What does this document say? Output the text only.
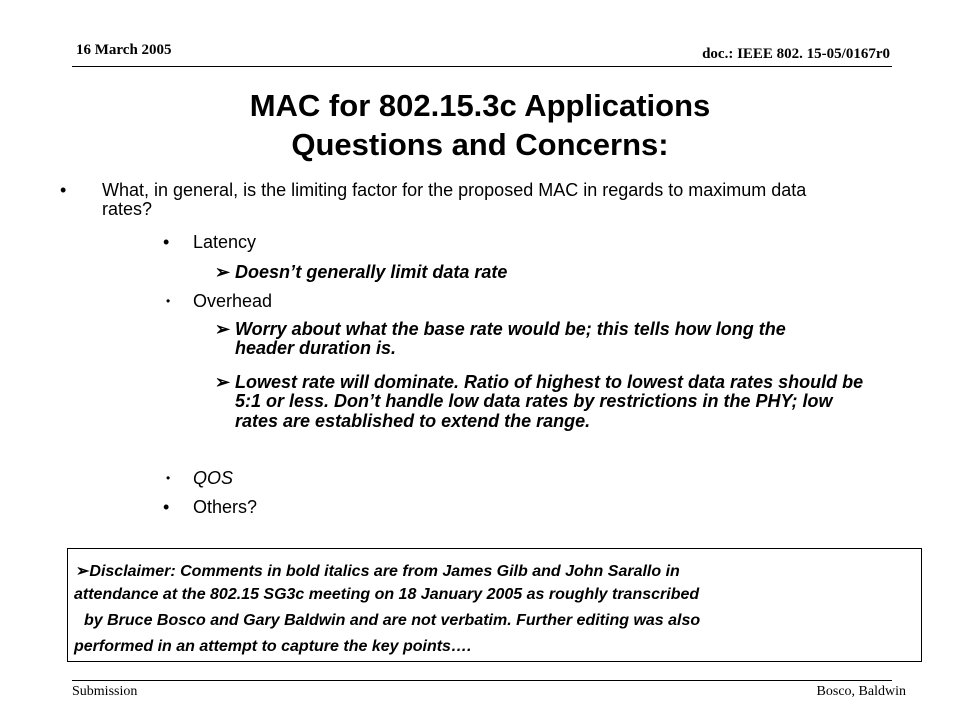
16 March 2005	doc.: IEEE 802. 15-05/0167r0
MAC for 802.15.3c Applications
Questions and Concerns:
• What, in general, is the limiting factor for the proposed MAC in regards to maximum data rates?
• Latency
➢ Doesn’t generally limit data rate
• Overhead
➢ Worry about what the base rate would be; this tells how long the header duration is.
➢ Lowest rate will dominate. Ratio of highest to lowest data rates should be 5:1 or less. Don’t handle low data rates by restrictions in the PHY; low rates are established to extend the range.
• QOS
• Others?
➢Disclaimer: Comments in bold italics are from James Gilb and John Sarallo in
attendance at the 802.15 SG3c meeting on 18 January 2005 as roughly transcribed
by Bruce Bosco and Gary Baldwin and are not verbatim. Further editing was also
performed in an attempt to capture the key points….
Submission	Bosco, Baldwin
